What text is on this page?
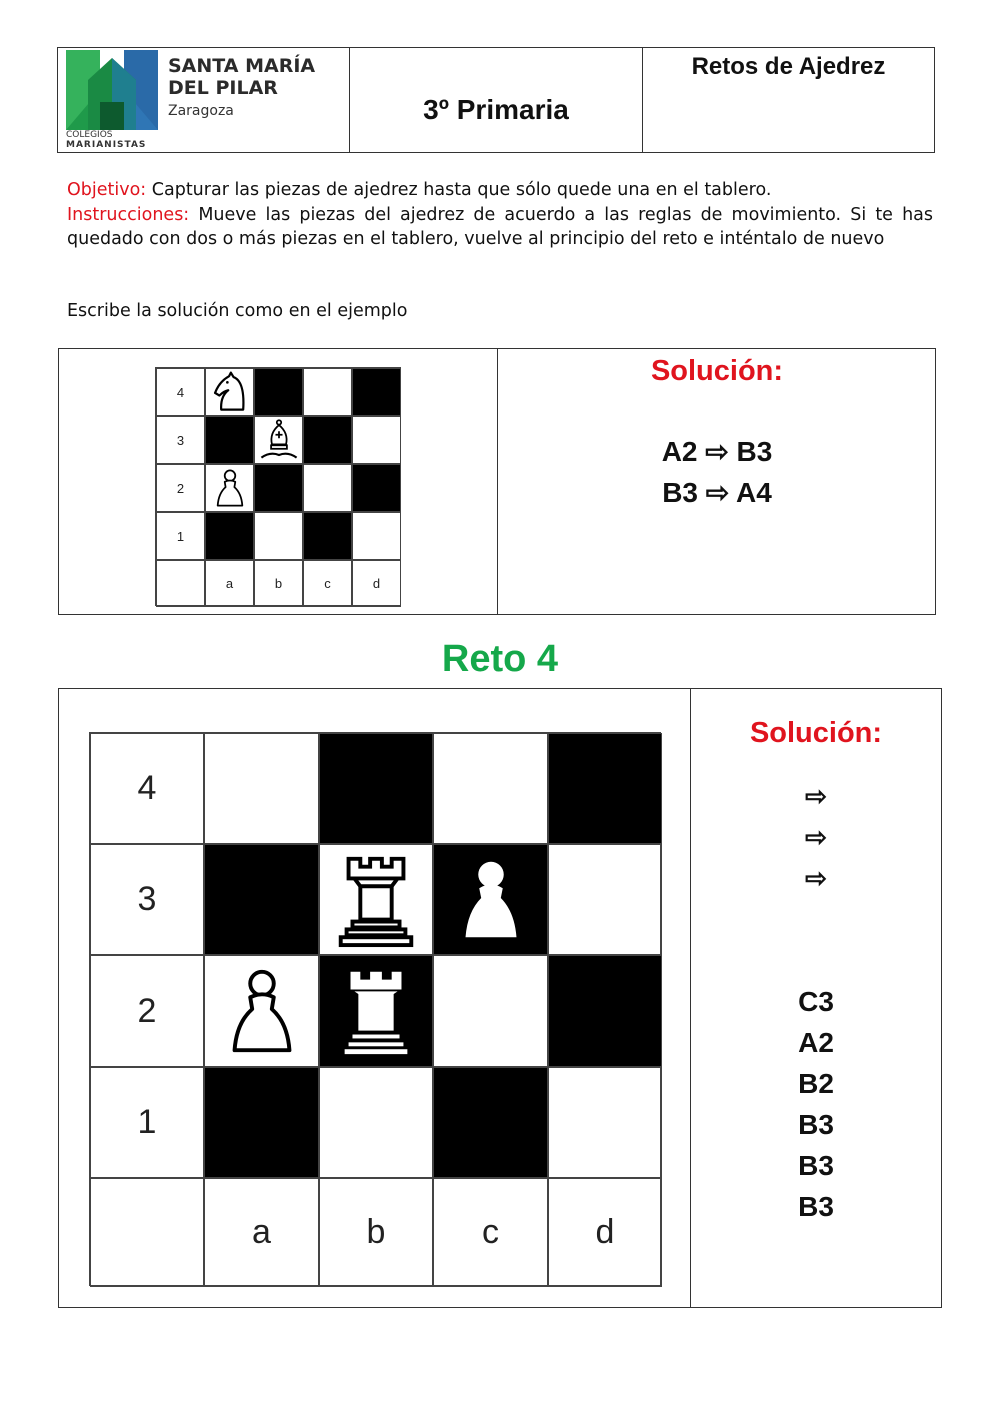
SANTA MARÍA
DEL PILAR
Zaragoza
COLEGIOS
MARIANISTAS
3º Primaria
Retos de Ajedrez
Objetivo: Capturar las piezas de ajedrez hasta que sólo quede una en el tablero.
Instrucciones: Mueve las piezas del ajedrez de acuerdo a las reglas de movimiento. Si te has quedado con dos o más piezas en el tablero, vuelve al principio del reto e inténtalo de nuevo
Escribe la solución como en el ejemplo
4
3
2
1
a	b	c	d
Solución:
A2 ⇨ B3
B3 ⇨ A4
Reto 4
4
3
2
1
a	b	c	d
Solución:
⇨
⇨
⇨
C3
A2
B2
B3
B3
B3
